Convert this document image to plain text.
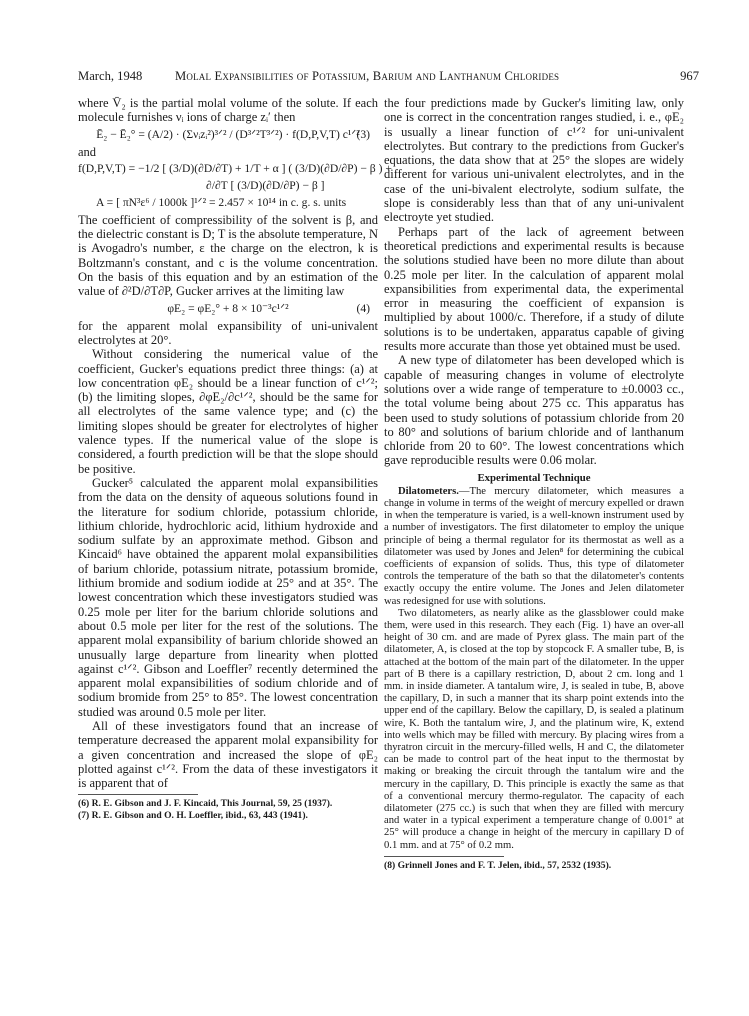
March, 1948	Molal Expansibilities of Potassium, Barium and Lanthanum Chlorides	967

where V̄₂ is the partial molal volume of the solute. If each molecule furnishes νᵢ ions of charge zᵢ′ then

Ē₂ − Ē₂° = (A/2) · (Σνᵢzᵢ²)³ᐟ² / (D³ᐟ²T³ᐟ²) · f(D,P,V,T) c¹ᐟ²
(3)

and

f(D,P,V,T) = −1/2 [ (3/D)(∂D/∂T) + 1/T + α ] ( (3/D)(∂D/∂P) − β ) +
∂/∂T [ (3/D)(∂D/∂P) − β ]
A = [ πN³ε⁶ / 1000k ]¹ᐟ² = 2.457 × 10¹⁴ in c. g. s. units

The coefficient of compressibility of the solvent is β, and the dielectric constant is D; T is the absolute temperature, N is Avogadro's number, ε the charge on the electron, k is Boltzmann's constant, and c is the volume concentration. On the basis of this equation and by an estimation of the value of ∂²D/∂T∂P, Gucker arrives at the limiting law

φE₂ = φE₂° + 8 × 10⁻³c¹ᐟ²	(4)

for the apparent molal expansibility of uni-univalent electrolytes at 20°.

Without considering the numerical value of the coefficient, Gucker's equations predict three things: (a) at low concentration φE₂ should be a linear function of c¹ᐟ²; (b) the limiting slopes, ∂φE₂/∂c¹ᐟ², should be the same for all electrolytes of the same valence type; and (c) the limiting slopes should be greater for electrolytes of higher valence types. If the numerical value of the slope is considered, a fourth prediction will be that the slope should be positive.

Gucker⁵ calculated the apparent molal expansibilities from the data on the density of aqueous solutions found in the literature for sodium chloride, potassium chloride, lithium chloride, hydrochloric acid, lithium hydroxide and sodium sulfate by an approximate method. Gibson and Kincaid⁶ have obtained the apparent molal expansibilities of barium chloride, potassium nitrate, potassium bromide, lithium bromide and sodium iodide at 25° and at 35°. The lowest concentration which these investigators studied was 0.25 mole per liter for the barium chloride solutions and about 0.5 mole per liter for the rest of the solutions. The apparent molal expansibility of barium chloride showed an unusually large departure from linearity when plotted against c¹ᐟ². Gibson and Loeffler⁷ recently determined the apparent molal expansibilities of sodium chloride and of sodium bromide from 25° to 85°. The lowest concentration studied was around 0.5 mole per liter.

All of these investigators found that an increase of temperature decreased the apparent molal expansibility for a given concentration and increased the slope of φE₂ plotted against c¹ᐟ². From the data of these investigators it is apparent that of

(6) R. E. Gibson and J. F. Kincaid, This Journal, 59, 25 (1937).

(7) R. E. Gibson and O. H. Loeffler, ibid., 63, 443 (1941).

the four predictions made by Gucker's limiting law, only one is correct in the concentration ranges studied, i. e., φE₂ is usually a linear function of c¹ᐟ² for uni-univalent electrolytes. But contrary to the predictions from Gucker's equations, the data show that at 25° the slopes are widely different for various uni-univalent electrolytes, and in the case of the uni-bivalent electrolyte, sodium sulfate, the slope is considerably less than that of any uni-univalent electroyte yet studied.

Perhaps part of the lack of agreement between theoretical predictions and experimental results is because the solutions studied have been no more dilute than about 0.25 mole per liter. In the calculation of apparent molal expansibilities from experimental data, the experimental error in measuring the coefficient of expansion is multiplied by about 1000/c. Therefore, if a study of dilute solutions is to be undertaken, apparatus capable of giving results more accurate than those yet obtained must be used.

A new type of dilatometer has been developed which is capable of measuring changes in volume of electrolyte solutions over a wide range of temperature to ±0.0003 cc., the total volume being about 275 cc. This apparatus has been used to study solutions of potassium chloride from 20 to 80° and solutions of barium chloride and of lanthanum chloride from 20 to 60°. The lowest concentrations which gave reproducible results were 0.06 molar.

Experimental Technique

Dilatometers.—The mercury dilatometer, which measures a change in volume in terms of the weight of mercury expelled or drawn in when the temperature is varied, is a well-known instrument used by a number of investigators. The first dilatometer to employ the unique principle of being a thermal regulator for its thermostat as well as a dilatometer was used by Jones and Jelen⁸ for determining the cubical coefficients of expansion of solids. Thus, this type of dilatometer controls the temperature of the bath so that the dilatometer's contents exactly occupy the entire volume. The Jones and Jelen dilatometer was redesigned for use with solutions.

Two dilatometers, as nearly alike as the glassblower could make them, were used in this research. They each (Fig. 1) have an over-all height of 30 cm. and are made of Pyrex glass. The main part of the dilatometer, A, is closed at the top by stopcock F. A smaller tube, B, is attached at the bottom of the main part of the dilatometer. In the upper part of B there is a capillary restriction, D, about 2 cm. long and 1 mm. in inside diameter. A tantalum wire, J, is sealed in tube, B, above the capillary, D, in such a manner that its sharp point extends into the upper end of the capillary. Below the capillary, D, is sealed a platinum wire, K. Both the tantalum wire, J, and the platinum wire, K, extend into wells which may be filled with mercury. By placing wires from a thyratron circuit in the mercury-filled wells, H and C, the dilatometer can be made to control part of the heat input to the thermostat by making or breaking the circuit through the tantalum wire and the mercury in the capillary, D. This principle is exactly the same as that of a conventional mercury thermo-regulator. The capacity of each dilatometer (275 cc.) is such that when they are filled with mercury and water in a typical experiment a temperature change of 0.001° at 25° will produce a change in height of the mercury in capillary D of 0.1 mm. and at 75° of 0.2 mm.

(8) Grinnell Jones and F. T. Jelen, ibid., 57, 2532 (1935).
